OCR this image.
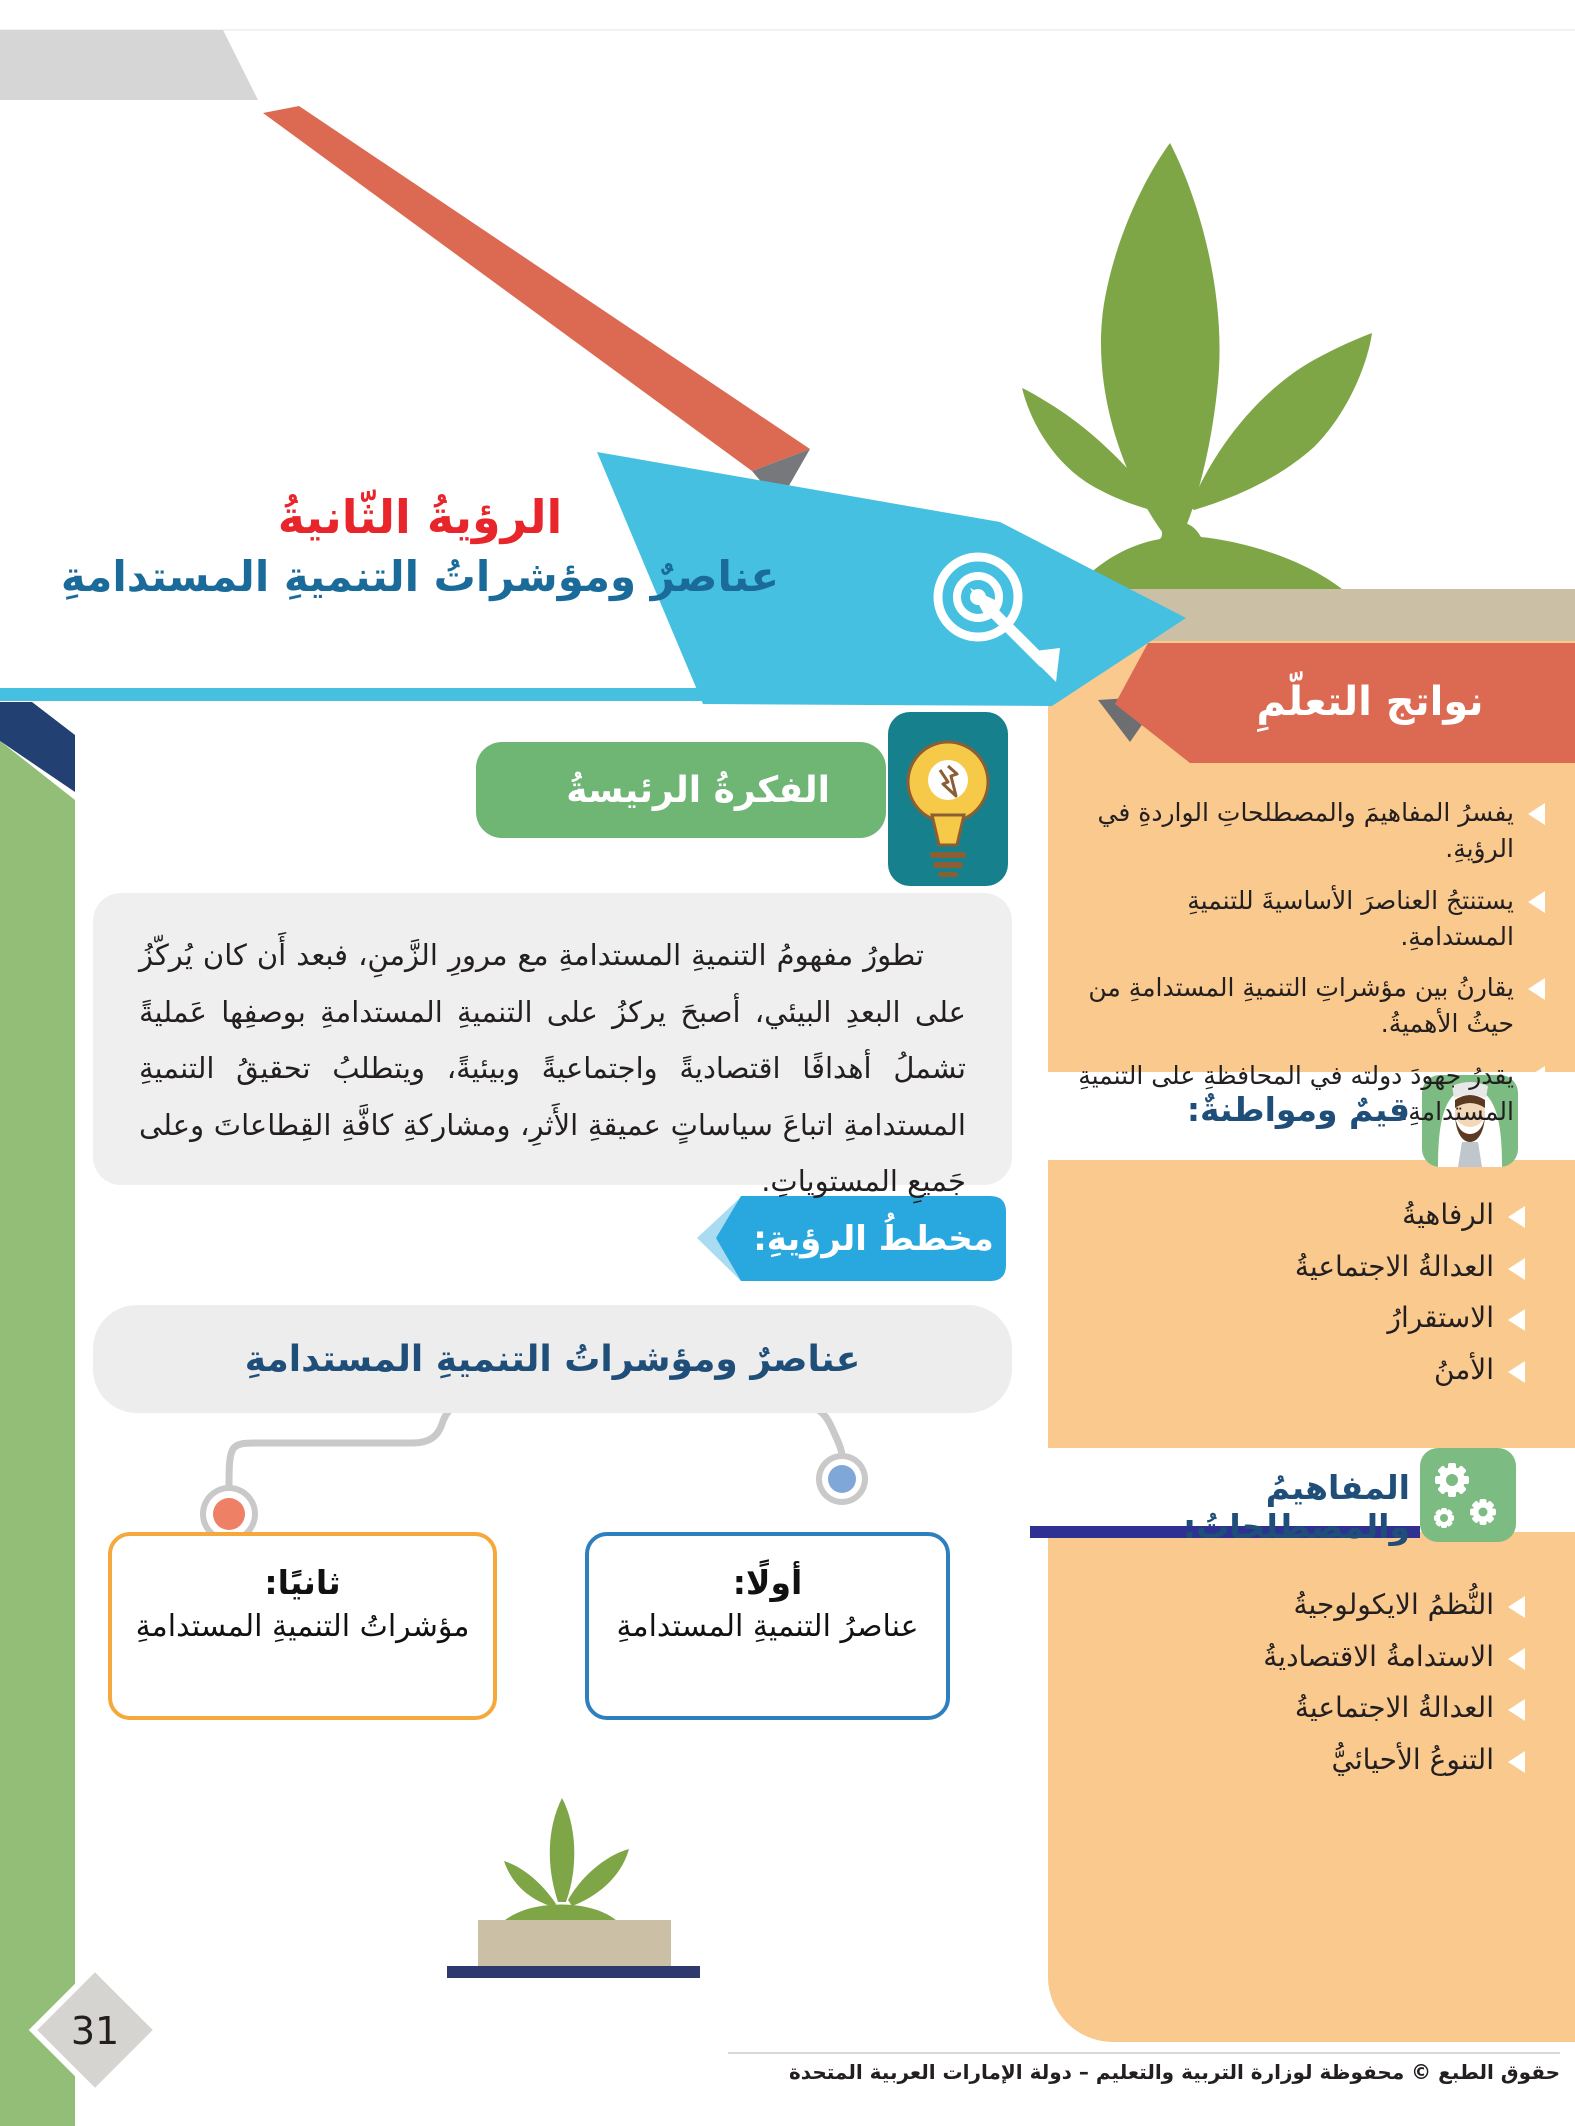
الرؤيةُ الثّانيةُ
عناصرٌ ومؤشراتُ التنميةِ المستدامةِ
الفكرةُ الرئيسةُ

تطورُ مفهومُ التنميةِ المستدامةِ مع مرورِ الزَّمنِ، فبعد أَن كان يُركّزُ على البعدِ البيئي، أصبحَ يركزُ على التنميةِ المستدامةِ بوصفِها عَمليةً تشملُ أهدافًا اقتصاديةً واجتماعيةً وبيئيةً، ويتطلبُ تحقيقُ التنميةِ المستدامةِ اتباعَ سياساتٍ عميقةِ الأَثرِ، ومشاركةِ كافَّةِ القِطاعاتَ وعلى جَميعِ المستوياتِ.

مخططُ الرؤيةِ:
عناصرٌ ومؤشراتُ التنميةِ المستدامةِ
أولًا:
عناصرُ التنميةِ المستدامةِ
ثانيًا:
مؤشراتُ التنميةِ المستدامةِ
نواتج التعلّمِ
يفسرُ المفاهيمَ والمصطلحاتِ الواردةِ في الرؤيةِ.
يستنتجُ العناصرَ الأساسيةَ للتنميةِ المستدامةِ.
يقارنُ بين مؤشراتِ التنميةِ المستدامةِ من حيثُ الأهميةُ.
يقدرُ جهودَ دولته في المحافظةِ على التنميةِ المستدامةِ.
قيمٌ ومواطنةٌ:
الرفاهيةُ
العدالةُ الاجتماعيةُ
الاستقرارُ
الأمنُ
المفاهيمُ والمصطلحاتُ:
النُّظمُ الايكولوجيةُ
الاستدامةُ الاقتصاديةُ
العدالةُ الاجتماعيةُ
التنوعُ الأحيائيُّ
31
حقوق الطبع © محفوظة لوزارة التربية والتعليم – دولة الإمارات العربية المتحدة
